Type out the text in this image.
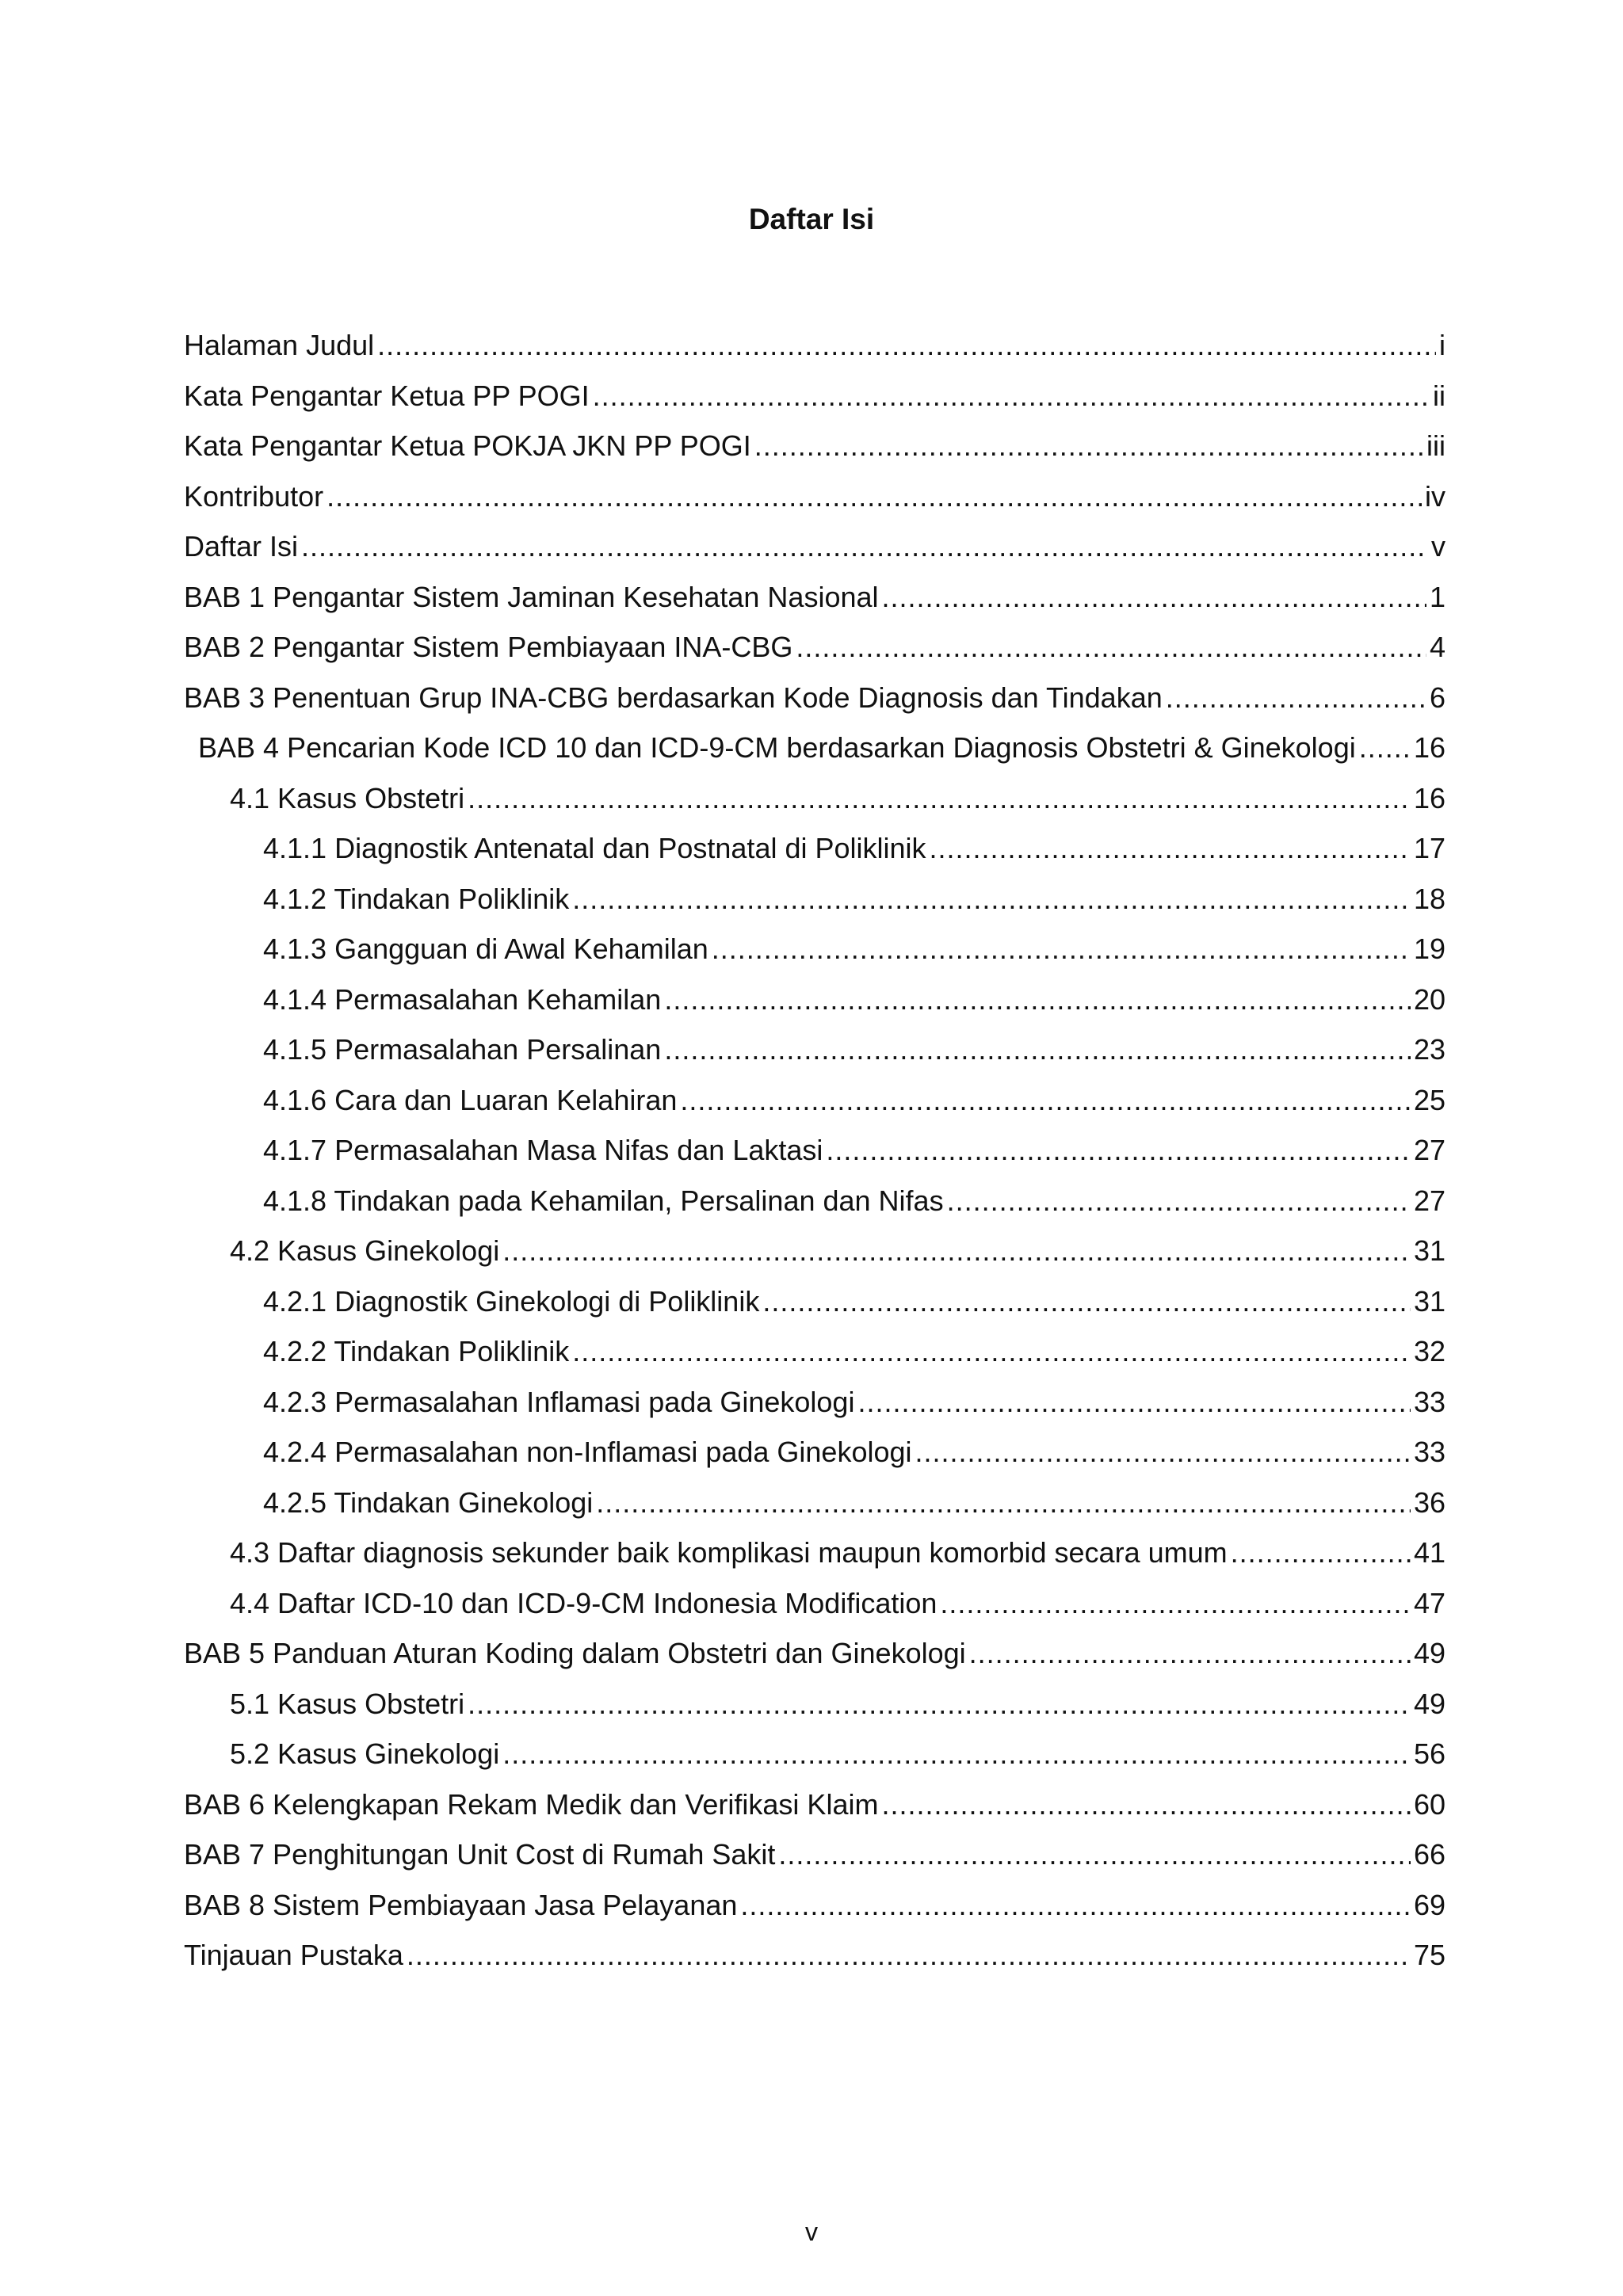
Daftar Isi
Halaman Judul .....	i
Kata Pengantar Ketua PP POGI .....	ii
Kata Pengantar Ketua POKJA JKN PP POGI .....	iii
Kontributor .....	iv
Daftar Isi .....	v
BAB 1 Pengantar Sistem Jaminan Kesehatan Nasional .....	1
BAB 2 Pengantar Sistem Pembiayaan INA-CBG .....	4
BAB 3 Penentuan Grup INA-CBG berdasarkan Kode Diagnosis dan Tindakan .....	6
BAB 4 Pencarian Kode ICD 10 dan ICD-9-CM berdasarkan Diagnosis Obstetri & Ginekologi ..... 16
4.1 Kasus Obstetri .....	16
4.1.1 Diagnostik Antenatal dan Postnatal di Poliklinik .....	17
4.1.2 Tindakan Poliklinik .....	18
4.1.3 Gangguan di Awal Kehamilan .....	19
4.1.4 Permasalahan Kehamilan .....	20
4.1.5 Permasalahan Persalinan .....	23
4.1.6 Cara dan Luaran Kelahiran .....	25
4.1.7 Permasalahan Masa Nifas dan Laktasi .....	27
4.1.8 Tindakan pada Kehamilan, Persalinan dan Nifas .....	27
4.2 Kasus Ginekologi .....	31
4.2.1 Diagnostik Ginekologi di Poliklinik .....	31
4.2.2 Tindakan Poliklinik .....	32
4.2.3 Permasalahan Inflamasi pada Ginekologi .....	33
4.2.4 Permasalahan non-Inflamasi pada Ginekologi .....	33
4.2.5 Tindakan Ginekologi .....	36
4.3 Daftar diagnosis sekunder baik komplikasi maupun komorbid secara umum .....	41
4.4 Daftar ICD-10 dan ICD-9-CM Indonesia Modification .....	47
BAB 5 Panduan Aturan Koding dalam Obstetri dan Ginekologi .....	49
5.1 Kasus Obstetri .....	49
5.2 Kasus Ginekologi .....	56
BAB 6 Kelengkapan Rekam Medik dan Verifikasi Klaim .....	60
BAB 7 Penghitungan Unit Cost di Rumah Sakit .....	66
BAB 8 Sistem Pembiayaan Jasa Pelayanan .....	69
Tinjauan Pustaka .....	75
v
